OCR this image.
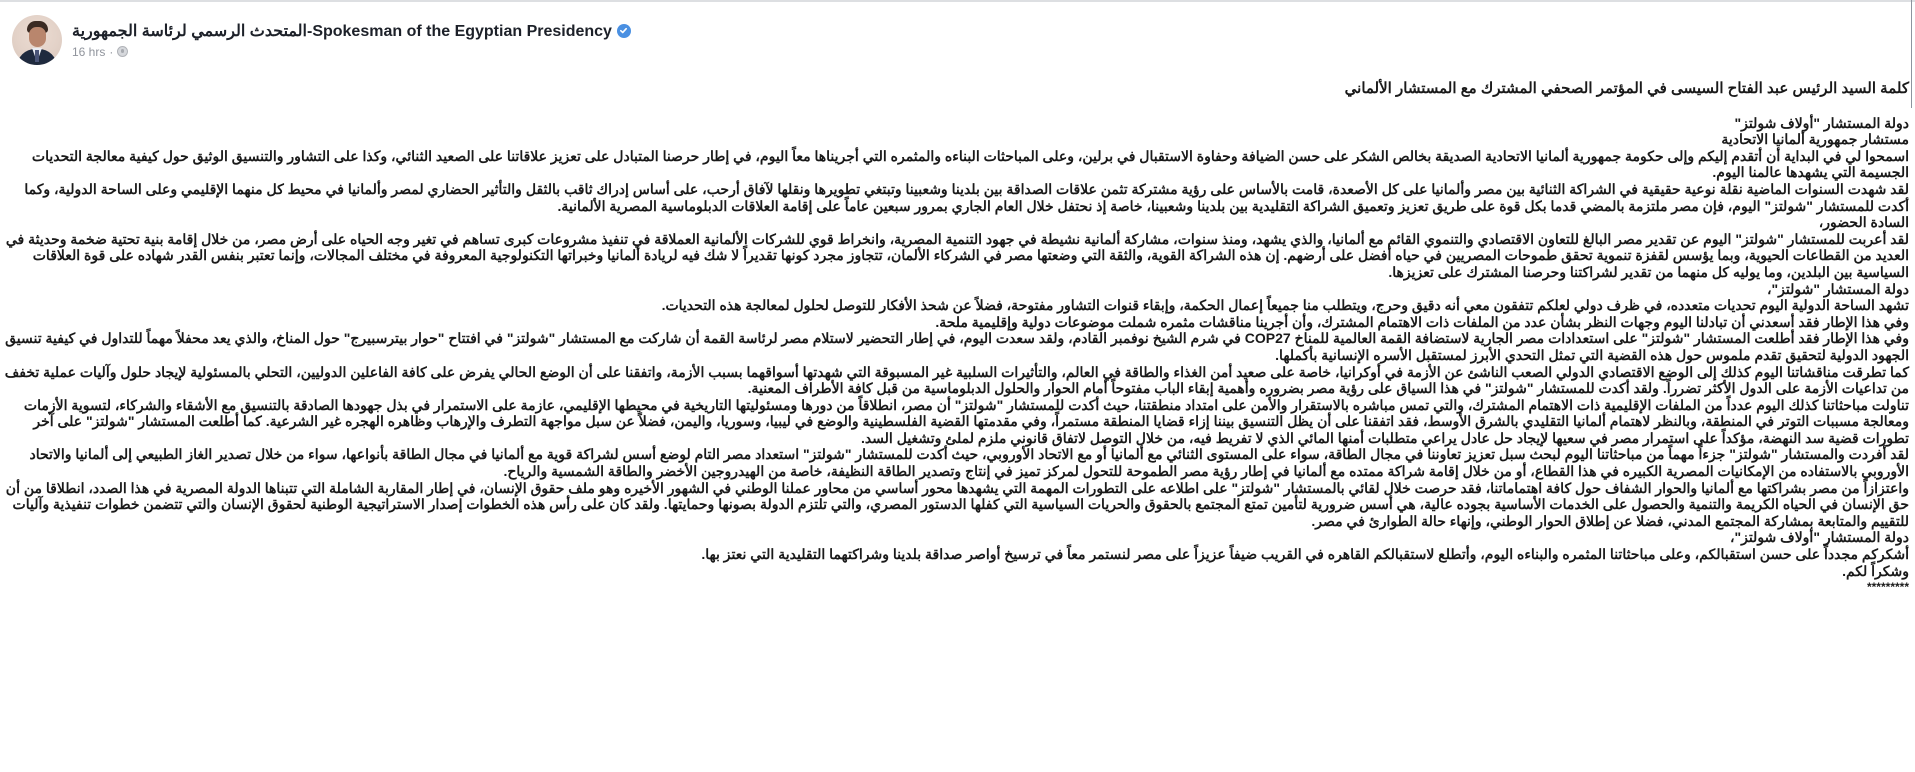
المتحدث الرسمي لرئاسة الجمهورية-Spokesman of the Egyptian Presidency
16 hrs ·

كلمة السيد الرئيس عبد الفتاح السيسى في المؤتمر الصحفي المشترك مع المستشار الألماني

دولة المستشار "أولاف شولتز"

مستشار جمهورية ألمانيا الاتحادية

اسمحوا لي في البداية أن أتقدم إليكم وإلى حكومة جمهورية ألمانيا الاتحادية الصديقة بخالص الشكر على حسن الضيافة وحفاوة الاستقبال في برلين، وعلى المباحثات البناءه والمثمره التي أجريناها معاً اليوم، في إطار حرصنا المتبادل على تعزيز علاقاتنا على الصعيد الثنائي، وكذا على التشاور والتنسيق الوثيق حول كيفية معالجة التحديات الجسيمة التي يشهدها عالمنا اليوم.

لقد شهدت السنوات الماضية نقلة نوعية حقيقية في الشراكة الثنائية بين مصر وألمانيا على كل الأصعدة، قامت بالأساس على رؤية مشتركة تثمن علاقات الصداقة بين بلدينا وشعبينا وتبتغي تطويرها ونقلها لآفاق أرحب، على أساس إدراك ثاقب بالثقل والتأثير الحضاري لمصر وألمانيا في محيط كل منهما الإقليمي وعلى الساحة الدولية، وكما أكدت للمستشار "شولتز" اليوم، فإن مصر ملتزمة بالمضي قدما بكل قوة على طريق تعزيز وتعميق الشراكة التقليدية بين بلدينا وشعبينا، خاصة إذ نحتفل خلال العام الجاري بمرور سبعين عاماً على إقامة العلاقات الدبلوماسية المصرية الألمانية.

السادة الحضور،

لقد أعربت للمستشار "شولتز" اليوم عن تقدير مصر البالغ للتعاون الاقتصادي والتنموي القائم مع ألمانيا، والذي يشهد، ومنذ سنوات، مشاركة ألمانية نشيطة في جهود التنمية المصرية، وانخراط قوي للشركات الألمانية العملاقة في تنفيذ مشروعات كبرى تساهم في تغير وجه الحياه على أرض مصر، من خلال إقامة بنية تحتية ضخمة وحديثة في العديد من القطاعات الحيوية، وبما يؤسس لقفزة تنموية تحقق طموحات المصريين في حياه أفضل على أرضهم. إن هذه الشراكة القوية، والثقة التي وضعتها مصر في الشركاء الألمان، تتجاوز مجرد كونها تقديراً لا شك فيه لريادة ألمانيا وخبراتها التكنولوجية المعروفة في مختلف المجالات، وإنما تعتبر بنفس القدر شهاده على قوة العلاقات السياسية بين البلدين، وما يوليه كل منهما من تقدير لشراكتنا وحرصنا المشترك على تعزيزها.

دولة المستشار "شولتز"،

تشهد الساحة الدولية اليوم تحديات متعدده، في ظرف دولي لعلكم تتفقون معي أنه دقيق وحرج، ويتطلب منا جميعاً إعمال الحكمة، وإبقاء قنوات التشاور مفتوحة، فضلاً عن شحذ الأفكار للتوصل لحلول لمعالجة هذه التحديات.

وفي هذا الإطار فقد أسعدني أن تبادلنا اليوم وجهات النظر بشأن عدد من الملفات ذات الاهتمام المشترك، وأن أجرينا مناقشات مثمره شملت موضوعات دولية وإقليمية ملحة.

وفي هذا الإطار فقد أطلعت المستشار "شولتز" على استعدادات مصر الجارية لاستضافة القمة العالمية للمناخ COP27 في شرم الشيخ نوفمبر القادم، ولقد سعدت اليوم، في إطار التحضير لاستلام مصر لرئاسة القمة أن شاركت مع المستشار "شولتز" في افتتاح "حوار بيترسبيرج" حول المناخ، والذي يعد محفلاً مهماً للتداول في كيفية تنسيق الجهود الدولية لتحقيق تقدم ملموس حول هذه القضية التي تمثل التحدي الأبرز لمستقبل الأسره الإنسانية بأكملها.

كما تطرقت مناقشاتنا اليوم كذلك إلى الوضع الاقتصادي الدولي الصعب الناشئ عن الأزمة في أوكرانيا، خاصة على صعيد أمن الغذاء والطاقة في العالم، والتأثيرات السلبية غير المسبوقة التي شهدتها أسواقهما بسبب الأزمة، واتفقنا على أن الوضع الحالي يفرض على كافة الفاعلين الدوليين، التحلي بالمسئولية لإيجاد حلول وآليات عملية تخفف من تداعيات الأزمة على الدول الأكثر تضرراً. ولقد أكدت للمستشار "شولتز" في هذا السياق على رؤية مصر بضروره وأهمية إبقاء الباب مفتوحاً أمام الحوار والحلول الدبلوماسية من قبل كافة الأطراف المعنية.

تناولت مباحثاتنا كذلك اليوم عدداً من الملفات الإقليمية ذات الاهتمام المشترك، والتي تمس مباشره بالاستقرار والأمن على امتداد منطقتنا، حيث أكدت للمستشار "شولتز" أن مصر، انطلاقاً من دورها ومسئوليتها التاريخية في محيطها الإقليمي، عازمة على الاستمرار في بذل جهودها الصادقة بالتنسيق مع الأشقاء والشركاء، لتسوية الأزمات ومعالجة مسببات التوتر في المنطقة، وبالنظر لاهتمام ألمانيا التقليدي بالشرق الأوسط، فقد اتفقنا على أن يظل التنسيق بيننا إزاء قضايا المنطقة مستمراً، وفي مقدمتها القضية الفلسطينية والوضع في ليبيا، وسوريا، واليمن، فضلاً عن سبل مواجهة التطرف والإرهاب وظاهره الهجره غير الشرعية. كما أطلعت المستشار "شولتز" على آخر تطورات قضية سد النهضة، مؤكداً على استمرار مصر في سعيها لإيجاد حل عادل يراعي متطلبات أمنها المائي الذي لا تفريط فيه، من خلال التوصل لاتفاق قانوني ملزم لملئ وتشغيل السد.

لقد أفردت والمستشار "شولتز" جزءاً مهماً من مباحثاتنا اليوم لبحث سبل تعزيز تعاوننا في مجال الطاقة، سواء على المستوى الثنائي مع ألمانيا أو مع الاتحاد الأوروبي، حيث أكدت للمستشار "شولتز" استعداد مصر التام لوضع أسس لشراكة قوية مع ألمانيا في مجال الطاقة بأنواعها، سواء من خلال تصدير الغاز الطبيعي إلى ألمانيا والاتحاد الأوروبي بالاستفاده من الإمكانيات المصرية الكبيره في هذا القطاع، أو من خلال إقامة شراكة ممتده مع ألمانيا في إطار رؤية مصر الطموحة للتحول لمركز تميز في إنتاج وتصدير الطاقة النظيفة، خاصة من الهيدروجين الأخضر والطاقة الشمسية والرياح.

واعتزازاً من مصر بشراكتها مع ألمانيا والحوار الشفاف حول كافة اهتماماتنا، فقد حرصت خلال لقائي بالمستشار "شولتز" على اطلاعه على التطورات المهمة التي يشهدها محور أساسي من محاور عملنا الوطني في الشهور الأخيره وهو ملف حقوق الإنسان، في إطار المقاربة الشاملة التي تتبناها الدولة المصرية في هذا الصدد، انطلاقا من أن حق الإنسان في الحياه الكريمة والتنمية والحصول على الخدمات الأساسية بجوده عالية، هي أسس ضرورية لتأمين تمتع المجتمع بالحقوق والحريات السياسية التي كفلها الدستور المصري، والتي تلتزم الدولة بصونها وحمايتها. ولقد كان على رأس هذه الخطوات إصدار الاستراتيجية الوطنية لحقوق الإنسان والتي تتضمن خطوات تنفيذية وآليات للتقييم والمتابعة بمشاركة المجتمع المدني، فضلا عن إطلاق الحوار الوطني، وإنهاء حالة الطوارئ في مصر.

دولة المستشار "أولاف شولتز"،

أشكركم مجدداً على حسن استقبالكم، وعلى مباحثاتنا المثمره والبناءه اليوم، وأتطلع لاستقبالكم القاهره في القريب ضيفاً عزيزاً على مصر لنستمر معاً في ترسيخ أواصر صداقة بلدينا وشراكتهما التقليدية التي نعتز بها.

وشكراً لكم.

*********
